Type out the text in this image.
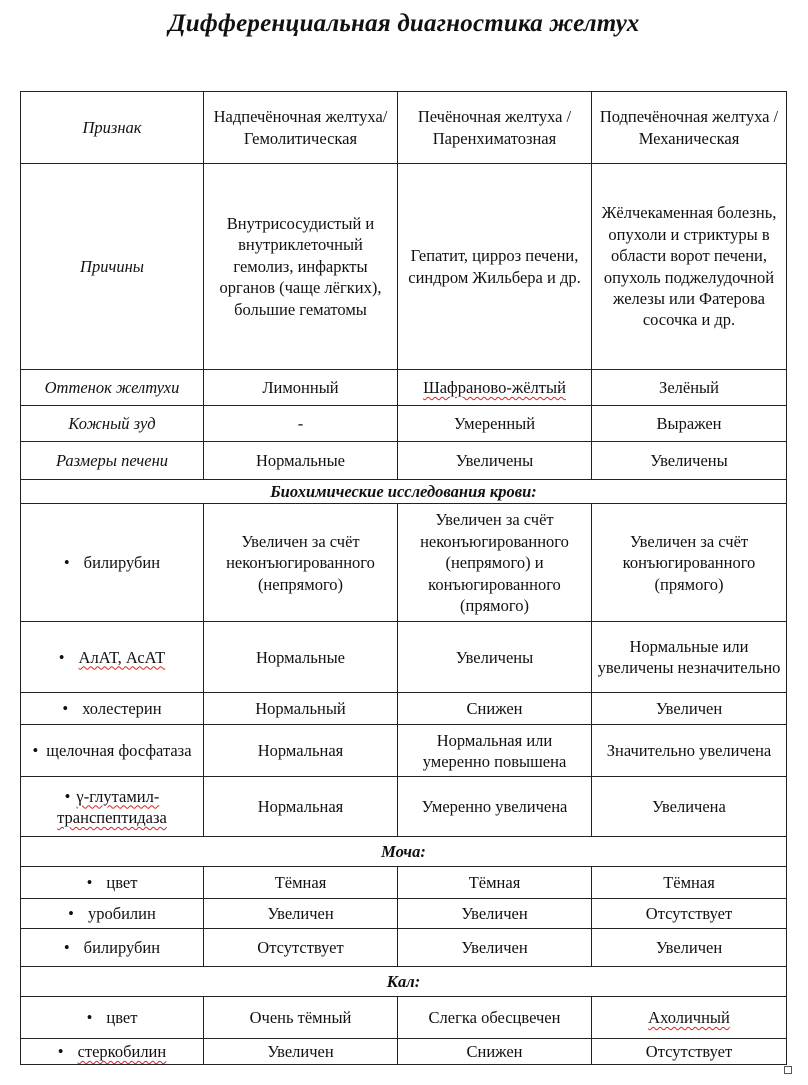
Дифференциальная диагностика желтух
Признак	Надпечёночная желтуха/ Гемолитическая	Печёночная желтуха / Паренхиматозная	Подпечёночная желтуха / Механическая
Причины	Внутрисосудистый и внутриклеточный гемолиз, инфаркты органов (чаще лёгких), большие гематомы	Гепатит, цирроз печени, синдром Жильбера и др.	Жёлчекаменная болезнь, опухоли и стриктуры в области ворот печени, опухоль поджелудочной железы или Фатерова сосочка и др.
Оттенок желтухи	Лимонный	Шафраново-жёлтый	Зелёный
Кожный зуд	-	Умеренный	Выражен
Размеры печени	Нормальные	Увеличены	Увеличены
Биохимические исследования крови:			
• билирубин	Увеличен за счёт неконъюгированного (непрямого)	Увеличен за счёт неконъюгированного (непрямого) и конъюгированного (прямого)	Увеличен за счёт конъюгированного (прямого)
• АлАТ, АсАТ	Нормальные	Увеличены	Нормальные или увеличены незначительно
• холестерин	Нормальный	Снижен	Увеличен
• щелочная фосфатаза	Нормальная	Нормальная или умеренно повышена	Значительно увеличена
• γ-глутамил-транспептидаза	Нормальная	Умеренно увеличена	Увеличена
Моча:			
• цвет	Тёмная	Тёмная	Тёмная
• уробилин	Увеличен	Увеличен	Отсутствует
• билирубин	Отсутствует	Увеличен	Увеличен
Кал:			
• цвет	Очень тёмный	Слегка обесцвечен	Ахоличный
• стеркобилин	Увеличен	Снижен	Отсутствует
